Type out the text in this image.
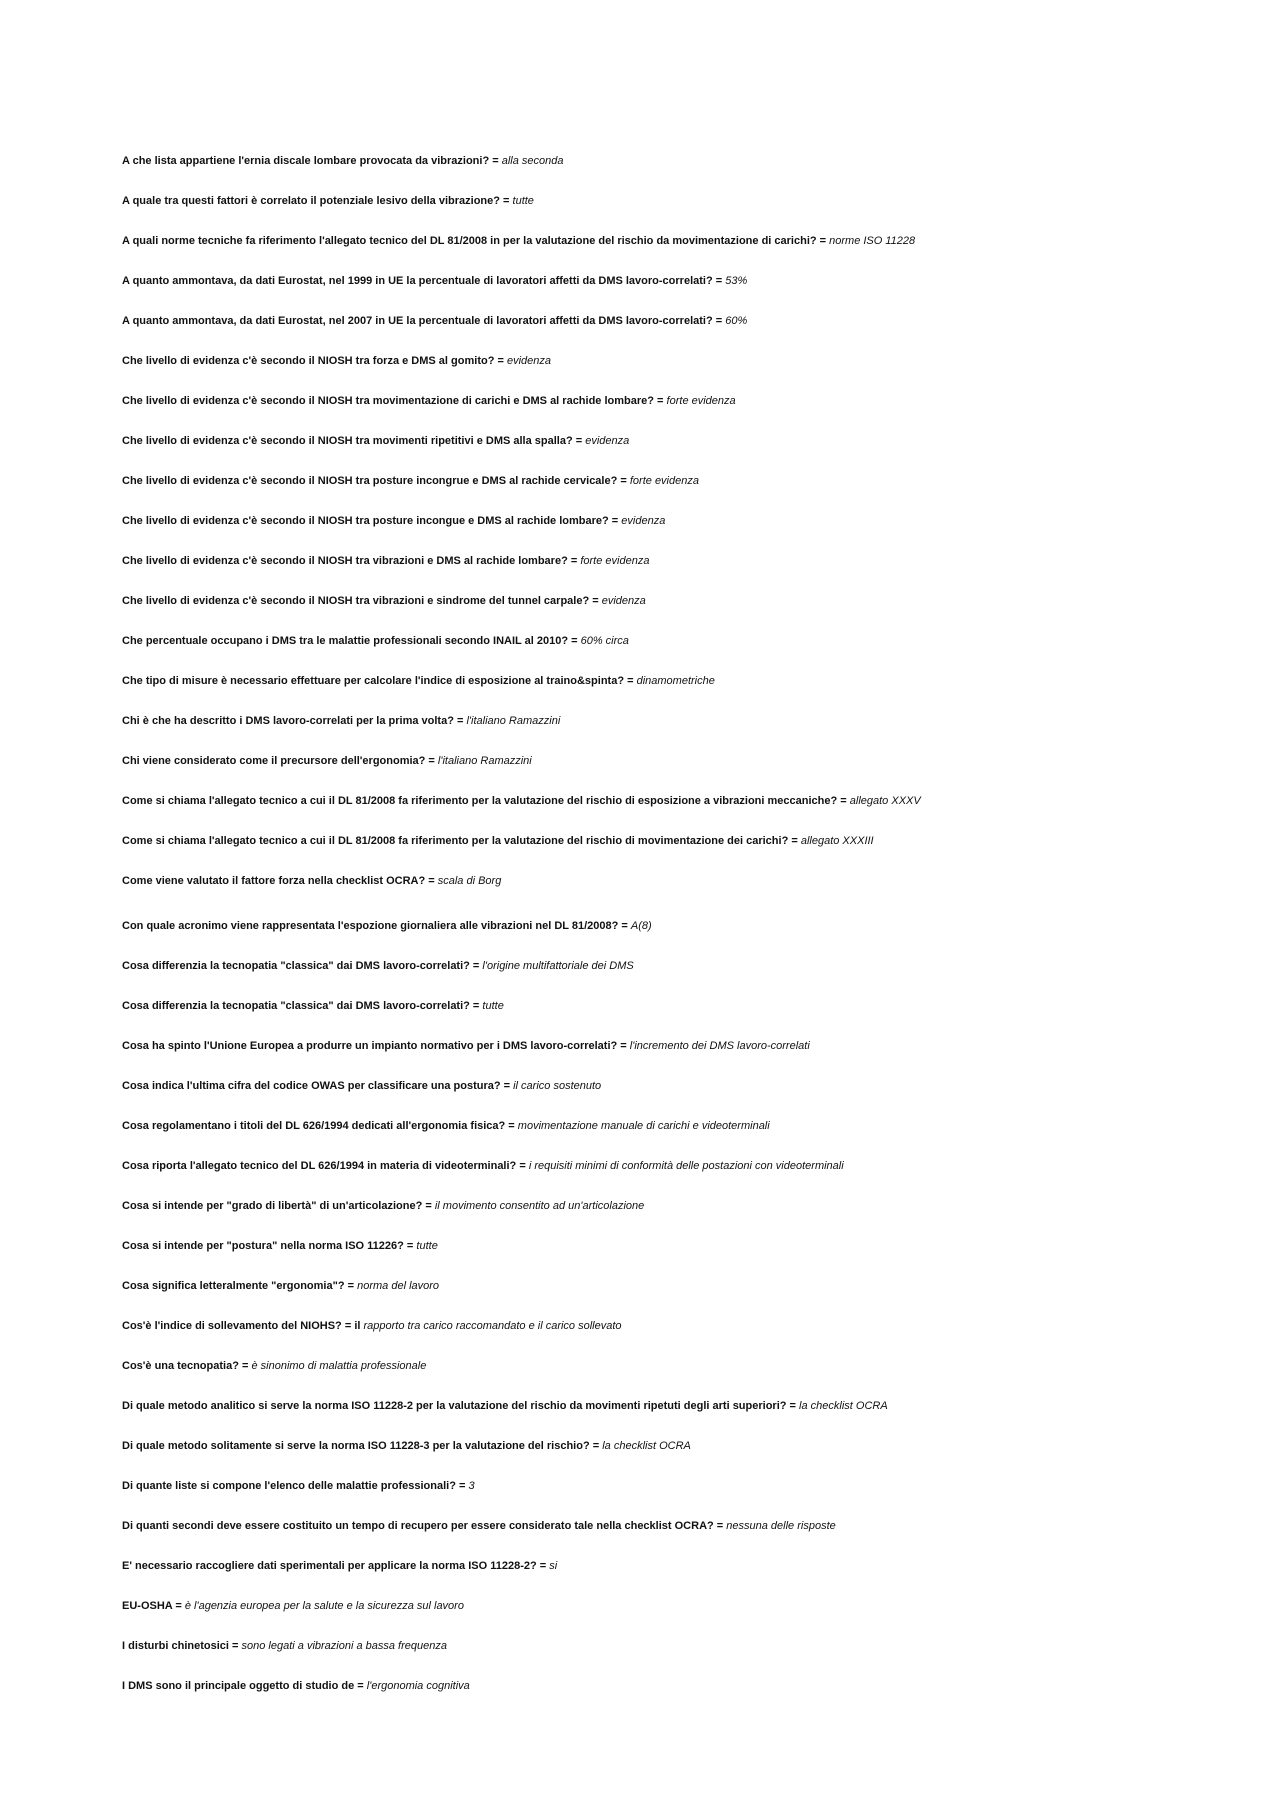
A che lista appartiene l'ernia discale lombare provocata da vibrazioni? = alla seconda
A quale tra questi fattori è correlato il potenziale lesivo della vibrazione? = tutte
A quali norme tecniche fa riferimento l'allegato tecnico del DL 81/2008 in per la valutazione del rischio da movimentazione di carichi? = norme ISO 11228
A quanto ammontava, da dati Eurostat, nel 1999 in UE la percentuale di lavoratori affetti da DMS lavoro-correlati? = 53%
A quanto ammontava, da dati Eurostat, nel 2007 in UE la percentuale di lavoratori affetti da DMS lavoro-correlati? = 60%
Che livello di evidenza c'è secondo il NIOSH tra forza e DMS al gomito? = evidenza
Che livello di evidenza c'è secondo il NIOSH tra movimentazione di carichi e DMS al rachide lombare? = forte evidenza
Che livello di evidenza c'è secondo il NIOSH tra movimenti ripetitivi e DMS alla spalla? = evidenza
Che livello di evidenza c'è secondo il NIOSH tra posture incongrue e DMS al rachide cervicale? = forte evidenza
Che livello di evidenza c'è secondo il NIOSH tra posture incongue e DMS al rachide lombare? = evidenza
Che livello di evidenza c'è secondo il NIOSH tra vibrazioni e DMS al rachide lombare? = forte evidenza
Che livello di evidenza c'è secondo il NIOSH tra vibrazioni e sindrome del tunnel carpale? = evidenza
Che percentuale occupano i DMS tra le malattie professionali secondo INAIL al 2010? = 60% circa
Che tipo di misure è necessario effettuare per calcolare l'indice di esposizione al traino&spinta? = dinamometriche
Chi è che ha descritto i DMS lavoro-correlati per la prima volta? = l'italiano Ramazzini
Chi viene considerato come il precursore dell'ergonomia? = l'italiano Ramazzini
Come si chiama l'allegato tecnico a cui il DL 81/2008 fa riferimento per la valutazione del rischio di esposizione a vibrazioni meccaniche? = allegato XXXV
Come si chiama l'allegato tecnico a cui il DL 81/2008 fa riferimento per la valutazione del rischio di movimentazione dei carichi? = allegato XXXIII
Come viene valutato il fattore forza nella checklist OCRA? = scala di Borg
Con quale acronimo viene rappresentata l'espozione giornaliera alle vibrazioni nel DL 81/2008? = A(8)
Cosa differenzia la tecnopatia "classica" dai DMS lavoro-correlati? = l'origine multifattoriale dei DMS
Cosa differenzia la tecnopatia "classica" dai DMS lavoro-correlati? = tutte
Cosa ha spinto l'Unione Europea a produrre un impianto normativo per i DMS lavoro-correlati? = l'incremento dei DMS lavoro-correlati
Cosa indica l'ultima cifra del codice OWAS per classificare una postura? = il carico sostenuto
Cosa regolamentano i titoli del DL 626/1994 dedicati all'ergonomia fisica? = movimentazione manuale di carichi e videoterminali
Cosa riporta l'allegato tecnico del DL 626/1994 in materia di videoterminali? = i requisiti minimi di conformità delle postazioni con videoterminali
Cosa si intende per "grado di libertà" di un'articolazione? = il movimento consentito ad un'articolazione
Cosa si intende per "postura" nella norma ISO 11226? = tutte
Cosa significa letteralmente "ergonomia"? = norma del lavoro
Cos'è l'indice di sollevamento del NIOHS? = il rapporto tra carico raccomandato e il carico sollevato
Cos'è una tecnopatia? = è sinonimo di malattia professionale
Di quale metodo analitico si serve la norma ISO 11228-2 per la valutazione del rischio da movimenti ripetuti degli arti superiori? = la checklist OCRA
Di quale metodo solitamente si serve la norma ISO 11228-3 per la valutazione del rischio? = la checklist OCRA
Di quante liste si compone l'elenco delle malattie professionali? = 3
Di quanti secondi deve essere costituito un tempo di recupero per essere considerato tale nella checklist OCRA? = nessuna delle risposte
E' necessario raccogliere dati sperimentali per applicare la norma ISO 11228-2? = si
EU-OSHA = è l'agenzia europea per la salute e la sicurezza sul lavoro
I disturbi chinetosici = sono legati a vibrazioni a bassa frequenza
I DMS sono il principale oggetto di studio de = l'ergonomia cognitiva
